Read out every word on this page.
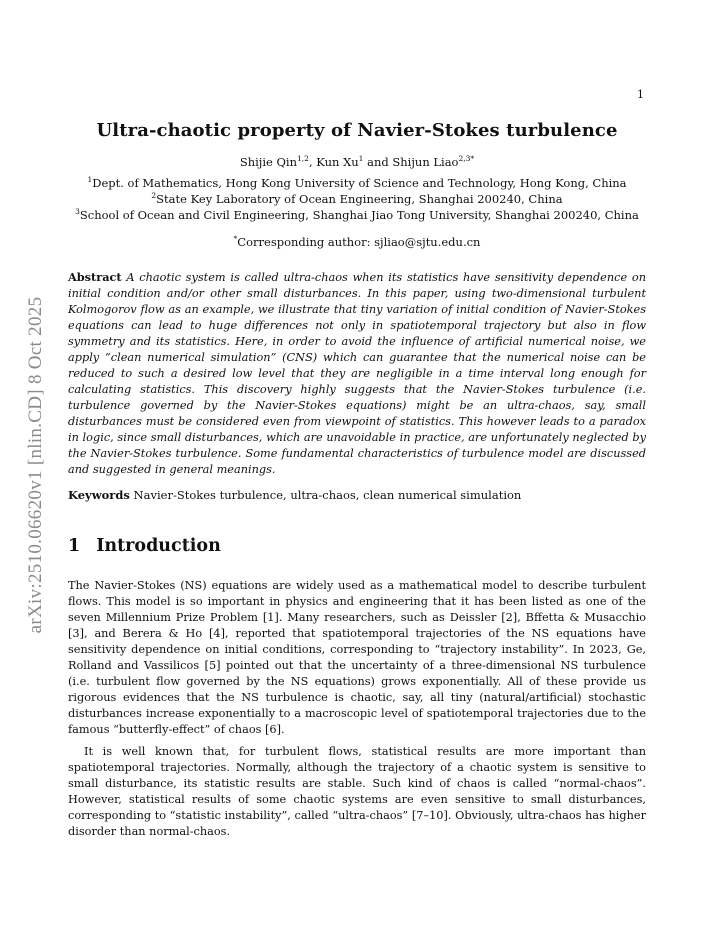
1
arXiv:2510.06620v1 [nlin.CD] 8 Oct 2025
Ultra-chaotic property of Navier-Stokes turbulence
Shijie Qin$^{1,2}$, Kun Xu$^1$ and Shijun Liao$^{2,3*}$
$^1$Dept. of Mathematics, Hong Kong University of Science and Technology, Hong Kong, China
$^2$State Key Laboratory of Ocean Engineering, Shanghai 200240, China
$^3$School of Ocean and Civil Engineering, Shanghai Jiao Tong University, Shanghai 200240, China
*Corresponding author: sjliao@sjtu.edu.cn
Abstract A chaotic system is called ultra-chaos when its statistics have sensitivity dependence on initial condition and/or other small disturbances. In this paper, using two-dimensional turbulent Kolmogorov flow as an example, we illustrate that tiny variation of initial condition of Navier-Stokes equations can lead to huge differences not only in spatiotemporal trajectory but also in flow symmetry and its statistics. Here, in order to avoid the influence of artificial numerical noise, we apply “clean numerical simulation” (CNS) which can guarantee that the numerical noise can be reduced to such a desired low level that they are negligible in a time interval long enough for calculating statistics. This discovery highly suggests that the Navier-Stokes turbulence (i.e. turbulence governed by the Navier-Stokes equations) might be an ultra-chaos, say, small disturbances must be considered even from viewpoint of statistics. This however leads to a paradox in logic, since small disturbances, which are unavoidable in practice, are unfortunately neglected by the Navier-Stokes turbulence. Some fundamental characteristics of turbulence model are discussed and suggested in general meanings.
Keywords Navier-Stokes turbulence, ultra-chaos, clean numerical simulation
1 Introduction

The Navier-Stokes (NS) equations are widely used as a mathematical model to describe turbulent flows. This model is so important in physics and engineering that it has been listed as one of the seven Millennium Prize Problem [1]. Many researchers, such as Deissler [2], Bffetta & Musacchio [3], and Berera & Ho [4], reported that spatiotemporal trajectories of the NS equations have sensitivity dependence on initial conditions, corresponding to “trajectory instability”. In 2023, Ge, Rolland and Vassilicos [5] pointed out that the uncertainty of a three-dimensional NS turbulence (i.e. turbulent flow governed by the NS equations) grows exponentially. All of these provide us rigorous evidences that the NS turbulence is chaotic, say, all tiny (natural/artificial) stochastic disturbances increase exponentially to a macroscopic level of spatiotemporal trajectories due to the famous “butterfly-effect” of chaos [6].

It is well known that, for turbulent flows, statistical results are more important than spatiotemporal trajectories. Normally, although the trajectory of a chaotic system is sensitive to small disturbance, its statistic results are stable. Such kind of chaos is called “normal-chaos”. However, statistical results of some chaotic systems are even sensitive to small disturbances, corresponding to “statistic instability”, called “ultra-chaos” [7–10]. Obviously, ultra-chaos has higher disorder than normal-chaos.
